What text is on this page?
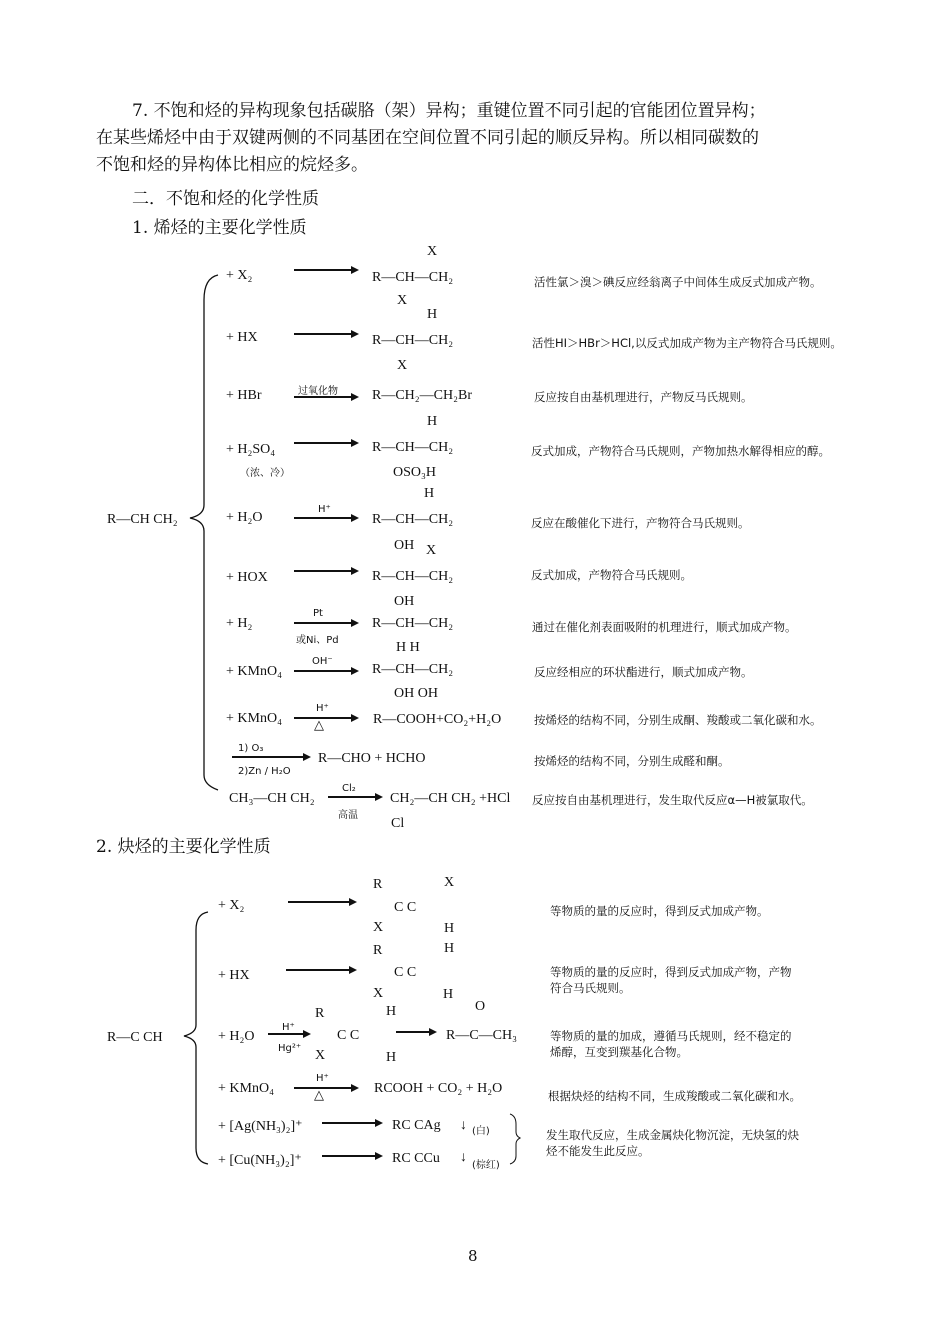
7. 不饱和烃的异构现象包括碳胳（架）异构；重键位置不同引起的官能团位置异构；

在某些烯烃中由于双键两侧的不同基团在空间位置不同引起的顺反异构。所以相同碳数的

不饱和烃的异构体比相应的烷烃多。

二．不饱和烃的化学性质
1. 烯烃的主要化学性质
2. 炔烃的主要化学性质
R—CH CH₂
+ X₂
X
R—CH—CH₂
X
活性氯＞溴＞碘反应经翁离子中间体生成反式加成产物。
+ HX
H
R—CH—CH₂
X
活性HI＞HBr＞HCl,以反式加成产物为主产物符合马氏规则。
+ HBr	过氧化物 R—CH₂—CH₂Br	反应按自由基机理进行，产物反马氏规则。
+ H₂SO₄
（浓、冷）
H
R—CH—CH₂
OSO₃H
反式加成，产物符合马氏规则，产物加热水解得相应的醇。
+ H₂O
H⁺
H
R—CH—CH₂
OH
反应在酸催化下进行，产物符合马氏规则。
+ HOX
X
R—CH—CH₂
OH
反式加成，产物符合马氏规则。
+ H₂
Pt
或Ni、Pd
R—CH—CH₂
H H
通过在催化剂表面吸附的机理进行，顺式加成产物。
+ KMnO₄
OH⁻
R—CH—CH₂
OH OH
反应经相应的环状酯进行，顺式加成产物。
+ KMnO₄
H⁺
△	R—COOH+CO₂+H₂O	按烯烃的结构不同，分别生成酮、羧酸或二氧化碳和水。
1) O₃
2)Zn / H₂O
R—CHO + HCHO	按烯烃的结构不同，分别生成醛和酮。
CH₃—CH CH₂
Cl₂
高温
CH₂—CH CH₂ +HCl
Cl
反应按自由基机理进行，发生取代反应α—H被氯取代。
R—C CH
+ X₂
R	X
C C
X	H
等物质的量的反应时，得到反式加成产物。
+ HX
R	H
C C
X	H
等物质的量的反应时，得到反式加成产物，产物
符合马氏规则。
+ H₂O
H⁺
Hg²⁺
R	H
C C
X	H
O
R—C—CH₃	等物质的量的加成，遵循马氏规则，经不稳定的
烯醇，互变到羰基化合物。
+ KMnO₄
H⁺
△	RCOOH + CO₂ + H₂O	根据炔烃的结构不同，生成羧酸或二氧化碳和水。
+ [Ag(NH₃)₂]⁺	RC CAg ↓ (白)	发生取代反应，生成金属炔化物沉淀，无炔氢的炔
烃不能发生此反应。
+ [Cu(NH₃)₂]⁺	RC CCu ↓
(棕红)
8
